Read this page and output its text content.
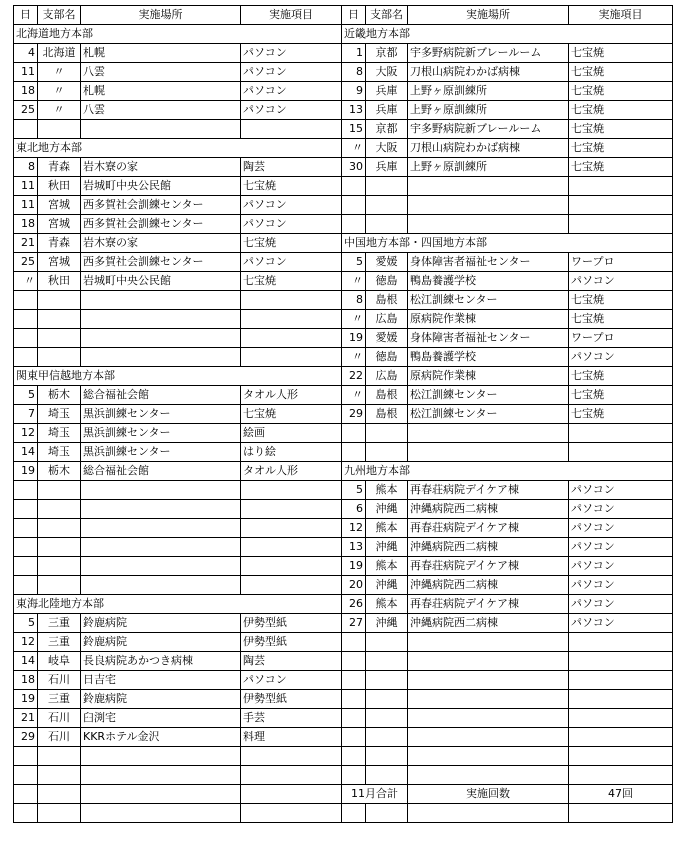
日	支部名	実施場所	実施項目	日	支部名	実施場所	実施項目
北海道地方本部				近畿地方本部			
4	北海道	札幌	パソコン	1	京都	宇多野病院新ブレールーム	七宝焼
11	〃	八雲	パソコン	8	大阪	刀根山病院わかば病棟	七宝焼
18	〃	札幌	パソコン	9	兵庫	上野ヶ原訓練所	七宝焼
25	〃	八雲	パソコン	13	兵庫	上野ヶ原訓練所	七宝焼
				15	京都	宇多野病院新ブレールーム	七宝焼
東北地方本部				〃	大阪	刀根山病院わかば病棟	七宝焼
8	青森	岩木寮の家	陶芸	30	兵庫	上野ヶ原訓練所	七宝焼
11	秋田	岩城町中央公民館	七宝焼				
11	宮城	西多賀社会訓練センター	パソコン				
18	宮城	西多賀社会訓練センター	パソコン				
21	青森	岩木寮の家	七宝焼	中国地方本部・四国地方本部			
25	宮城	西多賀社会訓練センター	パソコン	5	愛媛	身体障害者福祉センター	ワープロ
〃	秋田	岩城町中央公民館	七宝焼	〃	徳島	鴨島養護学校	パソコン
				8	島根	松江訓練センター	七宝焼
				〃	広島	原病院作業棟	七宝焼
				19	愛媛	身体障害者福祉センター	ワープロ
				〃	徳島	鴨島養護学校	パソコン
関東甲信越地方本部				22	広島	原病院作業棟	七宝焼
5	栃木	総合福祉会館	タオル人形	〃	島根	松江訓練センター	七宝焼
7	埼玉	黒浜訓練センター	七宝焼	29	島根	松江訓練センター	七宝焼
12	埼玉	黒浜訓練センター	絵画				
14	埼玉	黒浜訓練センター	はり絵				
19	栃木	総合福祉会館	タオル人形	九州地方本部			
				5	熊本	再春荘病院デイケア棟	パソコン
				6	沖縄	沖縄病院西二病棟	パソコン
				12	熊本	再春荘病院デイケア棟	パソコン
				13	沖縄	沖縄病院西二病棟	パソコン
				19	熊本	再春荘病院デイケア棟	パソコン
				20	沖縄	沖縄病院西二病棟	パソコン
東海北陸地方本部				26	熊本	再春荘病院デイケア棟	パソコン
5	三重	鈴鹿病院	伊勢型紙	27	沖縄	沖縄病院西二病棟	パソコン
12	三重	鈴鹿病院	伊勢型紙				
14	岐阜	長良病院あかつき病棟	陶芸				
18	石川	日吉宅	パソコン				
19	三重	鈴鹿病院	伊勢型紙				
21	石川	臼渕宅	手芸				
29	石川	KKRホテル金沢	料理				

				11月合計		実施回数	47回
